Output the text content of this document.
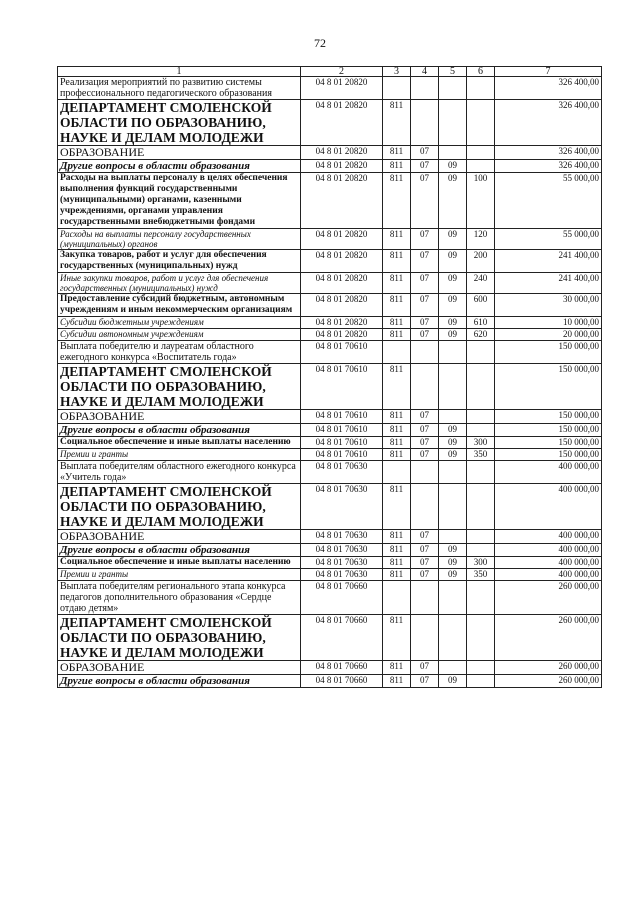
72
1	2	3	4	5	6	7
Реализация мероприятий по развитию системы профессионального педагогического образования	04 8 01 20820					326 400,00
ДЕПАРТАМЕНТ СМОЛЕНСКОЙ ОБЛАСТИ ПО ОБРАЗОВАНИЮ, НАУКЕ И ДЕЛАМ МОЛОДЕЖИ	04 8 01 20820	811				326 400,00
ОБРАЗОВАНИЕ	04 8 01 20820	811	07			326 400,00
Другие вопросы в области образования	04 8 01 20820	811	07	09		326 400,00
Расходы на выплаты персоналу в целях обеспечения выполнения функций государственными (муниципальными) органами, казенными учреждениями, органами управления государственными внебюджетными фондами	04 8 01 20820	811	07	09	100	55 000,00
Расходы на выплаты персоналу государственных (муниципальных) органов	04 8 01 20820	811	07	09	120	55 000,00
Закупка товаров, работ и услуг для обеспечения государственных (муниципальных) нужд	04 8 01 20820	811	07	09	200	241 400,00
Иные закупки товаров, работ и услуг для обеспечения государственных (муниципальных) нужд	04 8 01 20820	811	07	09	240	241 400,00
Предоставление субсидий бюджетным, автономным учреждениям и иным некоммерческим организациям	04 8 01 20820	811	07	09	600	30 000,00
Субсидии бюджетным учреждениям	04 8 01 20820	811	07	09	610	10 000,00
Субсидии автономным учреждениям	04 8 01 20820	811	07	09	620	20 000,00
Выплата победителю и лауреатам областного ежегодного конкурса «Воспитатель года»	04 8 01 70610					150 000,00
ДЕПАРТАМЕНТ СМОЛЕНСКОЙ ОБЛАСТИ ПО ОБРАЗОВАНИЮ, НАУКЕ И ДЕЛАМ МОЛОДЕЖИ	04 8 01 70610	811				150 000,00
ОБРАЗОВАНИЕ	04 8 01 70610	811	07			150 000,00
Другие вопросы в области образования	04 8 01 70610	811	07	09		150 000,00
Социальное обеспечение и иные выплаты населению	04 8 01 70610	811	07	09	300	150 000,00
Премии и гранты	04 8 01 70610	811	07	09	350	150 000,00
Выплата победителям областного ежегодного конкурса «Учитель года»	04 8 01 70630					400 000,00
ДЕПАРТАМЕНТ СМОЛЕНСКОЙ ОБЛАСТИ ПО ОБРАЗОВАНИЮ, НАУКЕ И ДЕЛАМ МОЛОДЕЖИ	04 8 01 70630	811				400 000,00
ОБРАЗОВАНИЕ	04 8 01 70630	811	07			400 000,00
Другие вопросы в области образования	04 8 01 70630	811	07	09		400 000,00
Социальное обеспечение и иные выплаты населению	04 8 01 70630	811	07	09	300	400 000,00
Премии и гранты	04 8 01 70630	811	07	09	350	400 000,00
Выплата победителям регионального этапа конкурса педагогов дополнительного образования «Сердце отдаю детям»	04 8 01 70660					260 000,00
ДЕПАРТАМЕНТ СМОЛЕНСКОЙ ОБЛАСТИ ПО ОБРАЗОВАНИЮ, НАУКЕ И ДЕЛАМ МОЛОДЕЖИ	04 8 01 70660	811				260 000,00
ОБРАЗОВАНИЕ	04 8 01 70660	811	07			260 000,00
Другие вопросы в области образования	04 8 01 70660	811	07	09		260 000,00
